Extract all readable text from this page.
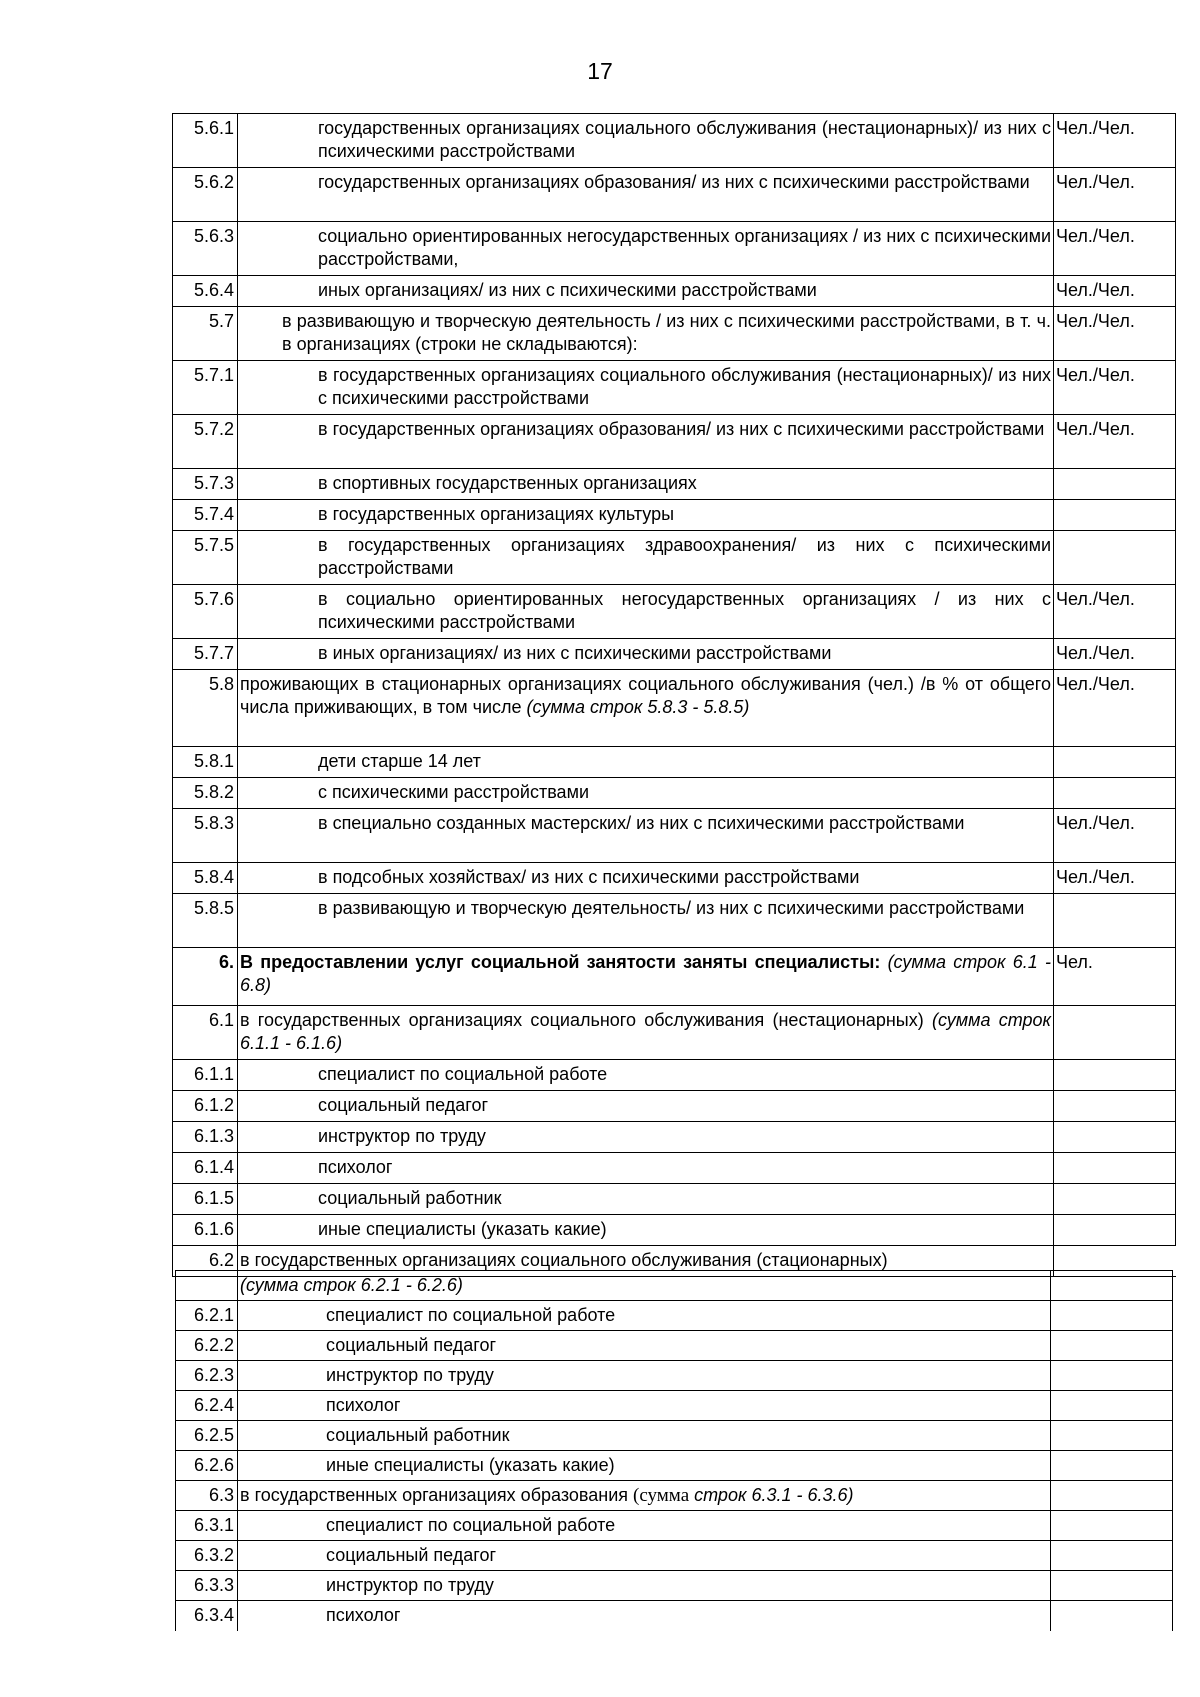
17
5.6.1	государственных организациях социального обслуживания (нестационарных)/ из них с психическими расстройствами	Чел./Чел.
5.6.2	государственных организациях образования/ из них с психическими расстройствами	Чел./Чел.
5.6.3	социально ориентированных негосударственных организациях / из них с психическими расстройствами,	Чел./Чел.
5.6.4	иных организациях/ из них с психическими расстройствами	Чел./Чел.
5.7	в развивающую и творческую деятельность / из них с психическими расстройствами, в т. ч. в организациях (строки не складываются):	Чел./Чел.
5.7.1	в государственных организациях социального обслуживания (нестационарных)/ из них с психическими расстройствами	Чел./Чел.
5.7.2	в государственных организациях образования/ из них с психическими расстройствами	Чел./Чел.
5.7.3	в спортивных государственных организациях	
5.7.4	в государственных организациях культуры	
5.7.5	в государственных организациях здравоохранения/ из них с психическими расстройствами	
5.7.6	в социально ориентированных негосударственных организациях / из них с психическими расстройствами	Чел./Чел.
5.7.7	в иных организациях/ из них с психическими расстройствами	Чел./Чел.
5.8	проживающих в стационарных организациях социального обслуживания (чел.) /в % от общего числа приживающих, в том числе (сумма строк 5.8.3 - 5.8.5)	Чел./Чел.
5.8.1	дети старше 14 лет	
5.8.2	с психическими расстройствами	
5.8.3	в специально созданных мастерских/ из них с психическими расстройствами	Чел./Чел.
5.8.4	в подсобных хозяйствах/ из них с психическими расстройствами	Чел./Чел.
5.8.5	в развивающую и творческую деятельность/ из них с психическими расстройствами	
6.	В предоставлении услуг социальной занятости заняты специалисты: (сумма строк 6.1 - 6.8)	Чел.
6.1	в государственных организациях социального обслуживания (нестационарных) (сумма строк 6.1.1 - 6.1.6)	
6.1.1	специалист по социальной работе	
6.1.2	социальный педагог	
6.1.3	инструктор по труду	
6.1.4	психолог	
6.1.5	социальный работник	
6.1.6	иные специалисты (указать какие)	
6.2	в государственных организациях социального обслуживания (стационарных)	
	(сумма строк 6.2.1 - 6.2.6)	
6.2.1	специалист по социальной работе	
6.2.2	социальный педагог	
6.2.3	инструктор по труду	
6.2.4	психолог	
6.2.5	социальный работник	
6.2.6	иные специалисты (указать какие)	
6.3	в государственных организациях образования (сумма строк 6.3.1 - 6.3.6)	
6.3.1	специалист по социальной работе	
6.3.2	социальный педагог	
6.3.3	инструктор по труду	
6.3.4	психолог	
